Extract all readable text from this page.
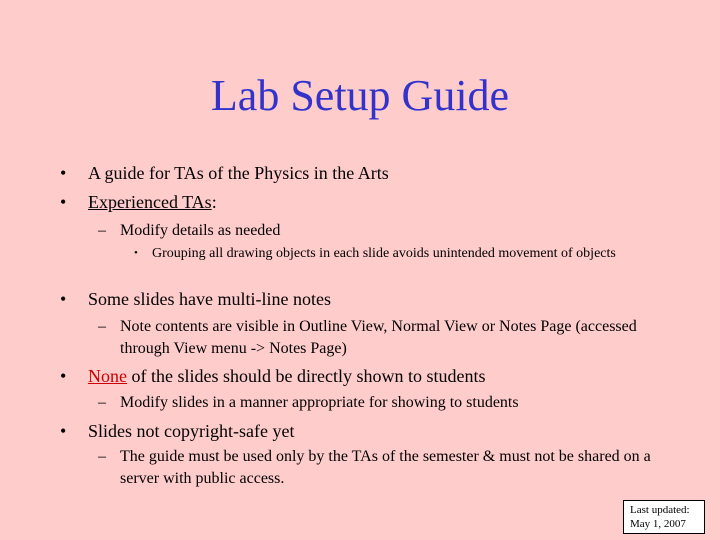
Lab Setup Guide
• A guide for TAs of the Physics in the Arts
• Experienced TAs:
– Modify details as needed
• Grouping all drawing objects in each slide avoids unintended movement of objects
• Some slides have multi-line notes
– Note contents are visible in Outline View, Normal View or Notes Page (accessed through View menu -> Notes Page)
• None of the slides should be directly shown to students
– Modify slides in a manner appropriate for showing to students
• Slides not copyright-safe yet
– The guide must be used only by the TAs of the semester & must not be shared on a server with public access.
Last updated:
May 1, 2007
